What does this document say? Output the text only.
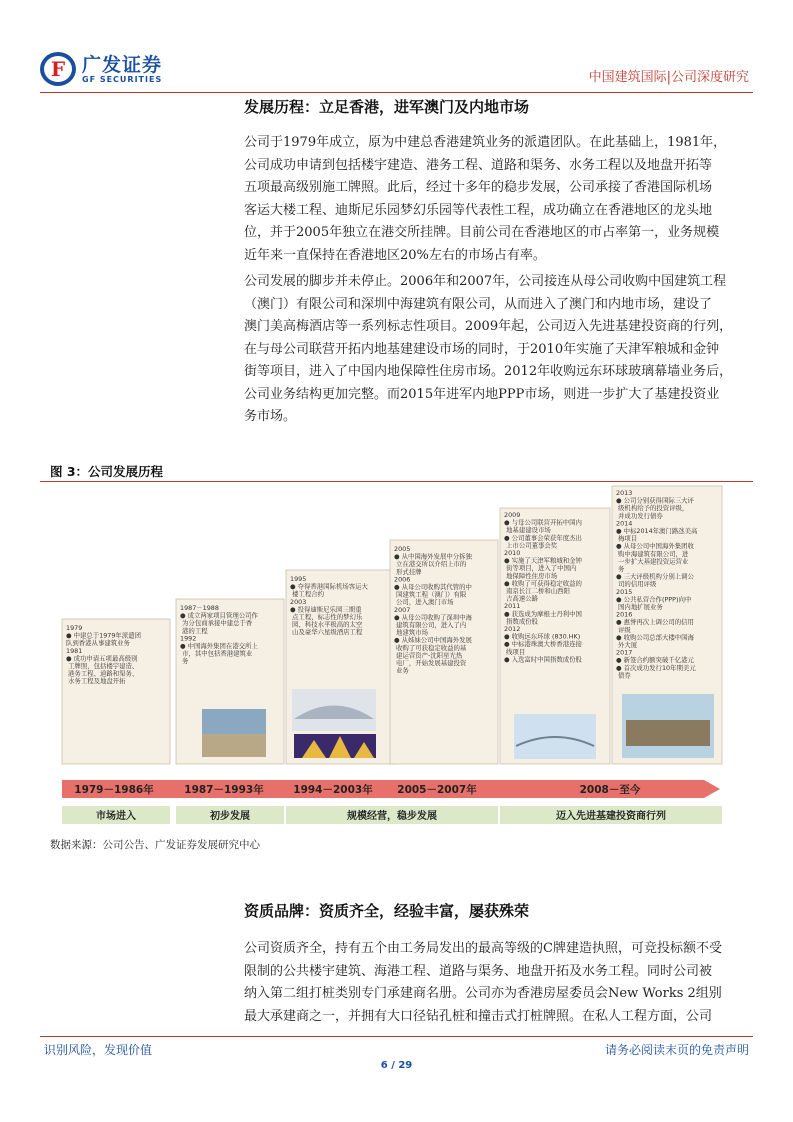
F 广发证券
GF SECURITIES	中国建筑国际|公司深度研究
发展历程：立足香港，进军澳门及内地市场
公司于1979年成立，原为中建总香港建筑业务的派遣团队。在此基础上，1981年，
公司成功申请到包括楼宇建造、港务工程、道路和渠务、水务工程以及地盘开拓等
五项最高级别施工牌照。此后，经过十多年的稳步发展，公司承接了香港国际机场
客运大楼工程、迪斯尼乐园梦幻乐园等代表性工程，成功确立在香港地区的龙头地
位，并于2005年独立在港交所挂牌。目前公司在香港地区的市占率第一，业务规模
近年来一直保持在香港地区20%左右的市场占有率。
公司发展的脚步并未停止。2006年和2007年，公司接连从母公司收购中国建筑工程
（澳门）有限公司和深圳中海建筑有限公司，从而进入了澳门和内地市场，建设了
澳门美高梅酒店等一系列标志性项目。2009年起，公司迈入先进基建投资商的行列，
在与母公司联营开拓内地基建建设市场的同时，于2010年实施了天津军粮城和金钟
街等项目，进入了中国内地保障性住房市场。2012年收购远东环球玻璃幕墙业务后，
公司业务结构更加完整。而2015年进军内地PPP市场，则进一步扩大了基建投资业
务市场。
图 3：公司发展历程
1979 ● 中建总于1979年派遣团队到香港从事建筑业务 1981 ● 成功申请五项最高级别 工牌照，包括楼宇建造、 港务工程、道路和渠务、 水务工程及地盘开拓
1987－1988 ● 成立两家项目管理公司作 为分包商承接中建总于香 港的工程 1992 ● 中国海外集团在港交所上 市，其中包括香港建筑业 务
1995 ● 夺得香港国际机场客运大 楼工程合约 2003 ● 投得迪斯尼乐园三期重 点工程，标志性的梦幻乐 园、科技水平极高的太空 山及豪华六星级酒店工程
2005 ● 从中国海外发展中分拆独 立在港交所以介绍上市的 形式挂牌 2006 ● 从母公司收购其代管的中 国建筑工程（澳门）有限 公司，进入澳门市场 2007 ● 从母公司收购了深圳中海 建筑有限公司，进入了内 地建筑市场● 从姊妹公司中国海外发展 收购了可获稳定收益的基 建运营资产-沈阳星光热 电厂，开始发展基建投资 业务
2009 ● 与母公司联营开拓中国内 地基建建设市场● 公司董事会荣获年度杰出 上市公司董事会奖 2010 ● 实施了天津军粮城和金钟 街等项目，进入了中国内 地保障性住房市场● 收购了可获得稳定收益的 南京长江二桥和山西阳 吉高速公路 2011 ● 获选成为摩根士丹利中国 指数成份股 2012 ● 收购远东环球 (830.HK) ● 中标港珠澳大桥香港连接 线项目● 入选富时中国指数成份股
2013 ● 公司分别获得国际三大评 级机构给予的投资评级， 并成功发行债券 2014 ● 中标2014年澳门路氹美高 梅项目● 从母公司中国海外集团收 购中海建筑有限公司，进 一步扩大基建投资运营业 务● 三大评级机构分别上调公 司的信用评级 2015 ● 公共私营合作(PPP)向中 国内地扩展业务 2016 ● 惠誉再次上调公司的信用 评级● 收购公司总部大楼中国海 外大厦 2017 ● 新签合约额突破千亿港元● 首次成功发行10年期美元 债券
1979－1986年	1987－1993年	1994－2003年 2005－2007年	2008－至今
市场进入	初步发展	规模经营，稳步发展	迈入先进基建投资商行列
数据来源：公司公告、广发证券发展研究中心
资质品牌：资质齐全，经验丰富，屡获殊荣
公司资质齐全，持有五个由工务局发出的最高等级的C牌建造执照，可竞投标额不受
限制的公共楼宇建筑、海港工程、道路与渠务、地盘开拓及水务工程。同时公司被
纳入第二组打桩类别专门承建商名册。公司亦为香港房屋委员会New Works 2组别
最大承建商之一，并拥有大口径钻孔桩和撞击式打桩牌照。在私人工程方面，公司
识别风险，发现价值	请务必阅读末页的免责声明
6 / 29
